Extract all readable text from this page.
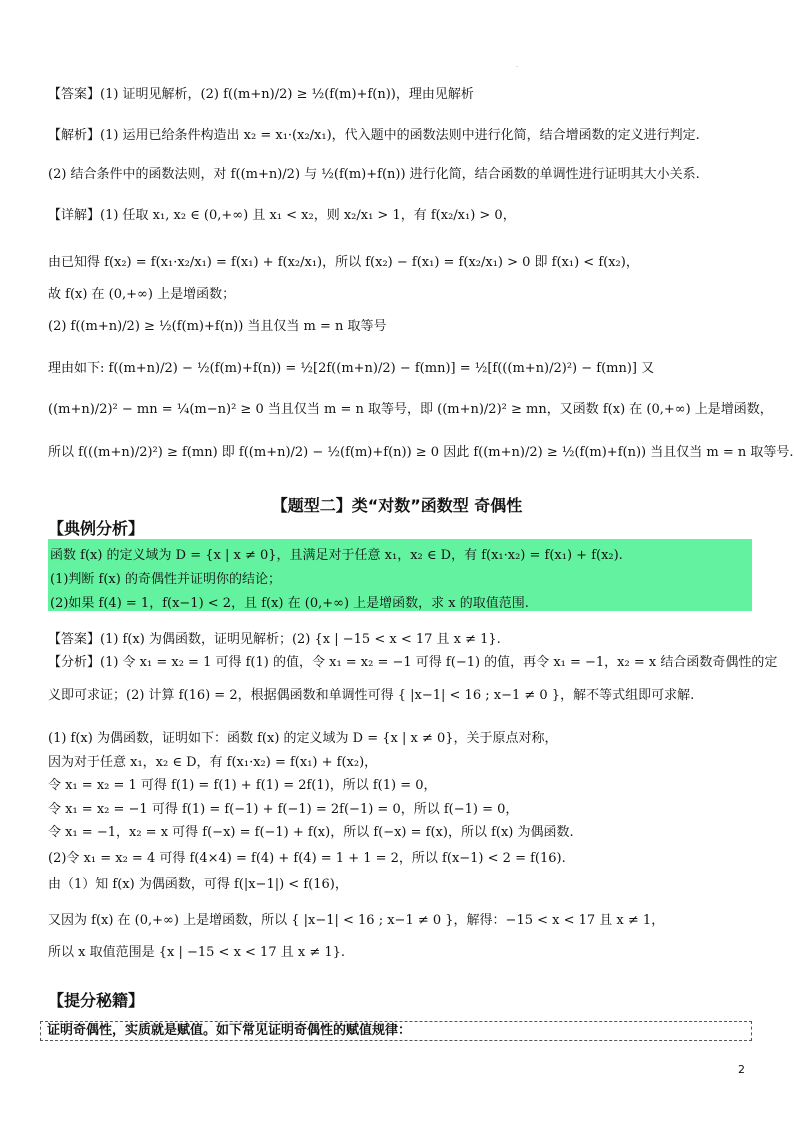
·
【答案】(1) 证明见解析，(2) f((m+n)/2) ≥ ½(f(m)+f(n))，理由见解析
【解析】(1) 运用已给条件构造出 x₂ = x₁·(x₂/x₁)，代入题中的函数法则中进行化简，结合增函数的定义进行判定.
(2) 结合条件中的函数法则，对 f((m+n)/2) 与 ½(f(m)+f(n)) 进行化简，结合函数的单调性进行证明其大小关系.
【详解】(1) 任取 x₁, x₂ ∈ (0,+∞) 且 x₁ < x₂，则 x₂/x₁ > 1，有 f(x₂/x₁) > 0，
由已知得 f(x₂) = f(x₁·x₂/x₁) = f(x₁) + f(x₂/x₁)，所以 f(x₂) − f(x₁) = f(x₂/x₁) > 0 即 f(x₁) < f(x₂)，
故 f(x) 在 (0,+∞) 上是增函数；
(2) f((m+n)/2) ≥ ½(f(m)+f(n)) 当且仅当 m = n 取等号
理由如下: f((m+n)/2) − ½(f(m)+f(n)) = ½[2f((m+n)/2) − f(mn)] = ½[f(((m+n)/2)²) − f(mn)] 又
((m+n)/2)² − mn = ¼(m−n)² ≥ 0 当且仅当 m = n 取等号，即 ((m+n)/2)² ≥ mn，又函数 f(x) 在 (0,+∞) 上是增函数，
所以 f(((m+n)/2)²) ≥ f(mn) 即 f((m+n)/2) − ½(f(m)+f(n)) ≥ 0 因此 f((m+n)/2) ≥ ½(f(m)+f(n)) 当且仅当 m = n 取等号.
【题型二】类“对数”函数型 奇偶性
【典例分析】
函数 f(x) 的定义域为 D = {x | x ≠ 0}，且满足对于任意 x₁，x₂ ∈ D，有 f(x₁·x₂) = f(x₁) + f(x₂).
(1)判断 f(x) 的奇偶性并证明你的结论；
(2)如果 f(4) = 1，f(x−1) < 2，且 f(x) 在 (0,+∞) 上是增函数，求 x 的取值范围.
【答案】(1) f(x) 为偶函数，证明见解析；(2) {x | −15 < x < 17 且 x ≠ 1}.
【分析】(1) 令 x₁ = x₂ = 1 可得 f(1) 的值，令 x₁ = x₂ = −1 可得 f(−1) 的值，再令 x₁ = −1，x₂ = x 结合函数奇偶性的定
义即可求证；(2) 计算 f(16) = 2，根据偶函数和单调性可得 { |x−1| < 16 ; x−1 ≠ 0 }，解不等式组即可求解.
(1) f(x) 为偶函数，证明如下：函数 f(x) 的定义域为 D = {x | x ≠ 0}，关于原点对称，
因为对于任意 x₁，x₂ ∈ D，有 f(x₁·x₂) = f(x₁) + f(x₂)，
令 x₁ = x₂ = 1 可得 f(1) = f(1) + f(1) = 2f(1)，所以 f(1) = 0，
令 x₁ = x₂ = −1 可得 f(1) = f(−1) + f(−1) = 2f(−1) = 0，所以 f(−1) = 0，
令 x₁ = −1，x₂ = x 可得 f(−x) = f(−1) + f(x)，所以 f(−x) = f(x)，所以 f(x) 为偶函数.
(2)令 x₁ = x₂ = 4 可得 f(4×4) = f(4) + f(4) = 1 + 1 = 2，所以 f(x−1) < 2 = f(16).
由（1）知 f(x) 为偶函数，可得 f(|x−1|) < f(16)，
又因为 f(x) 在 (0,+∞) 上是增函数，所以 { |x−1| < 16 ; x−1 ≠ 0 }，解得：−15 < x < 17 且 x ≠ 1，
所以 x 取值范围是 {x | −15 < x < 17 且 x ≠ 1}.
【提分秘籍】
证明奇偶性，实质就是赋值。如下常见证明奇偶性的赋值规律：
2
